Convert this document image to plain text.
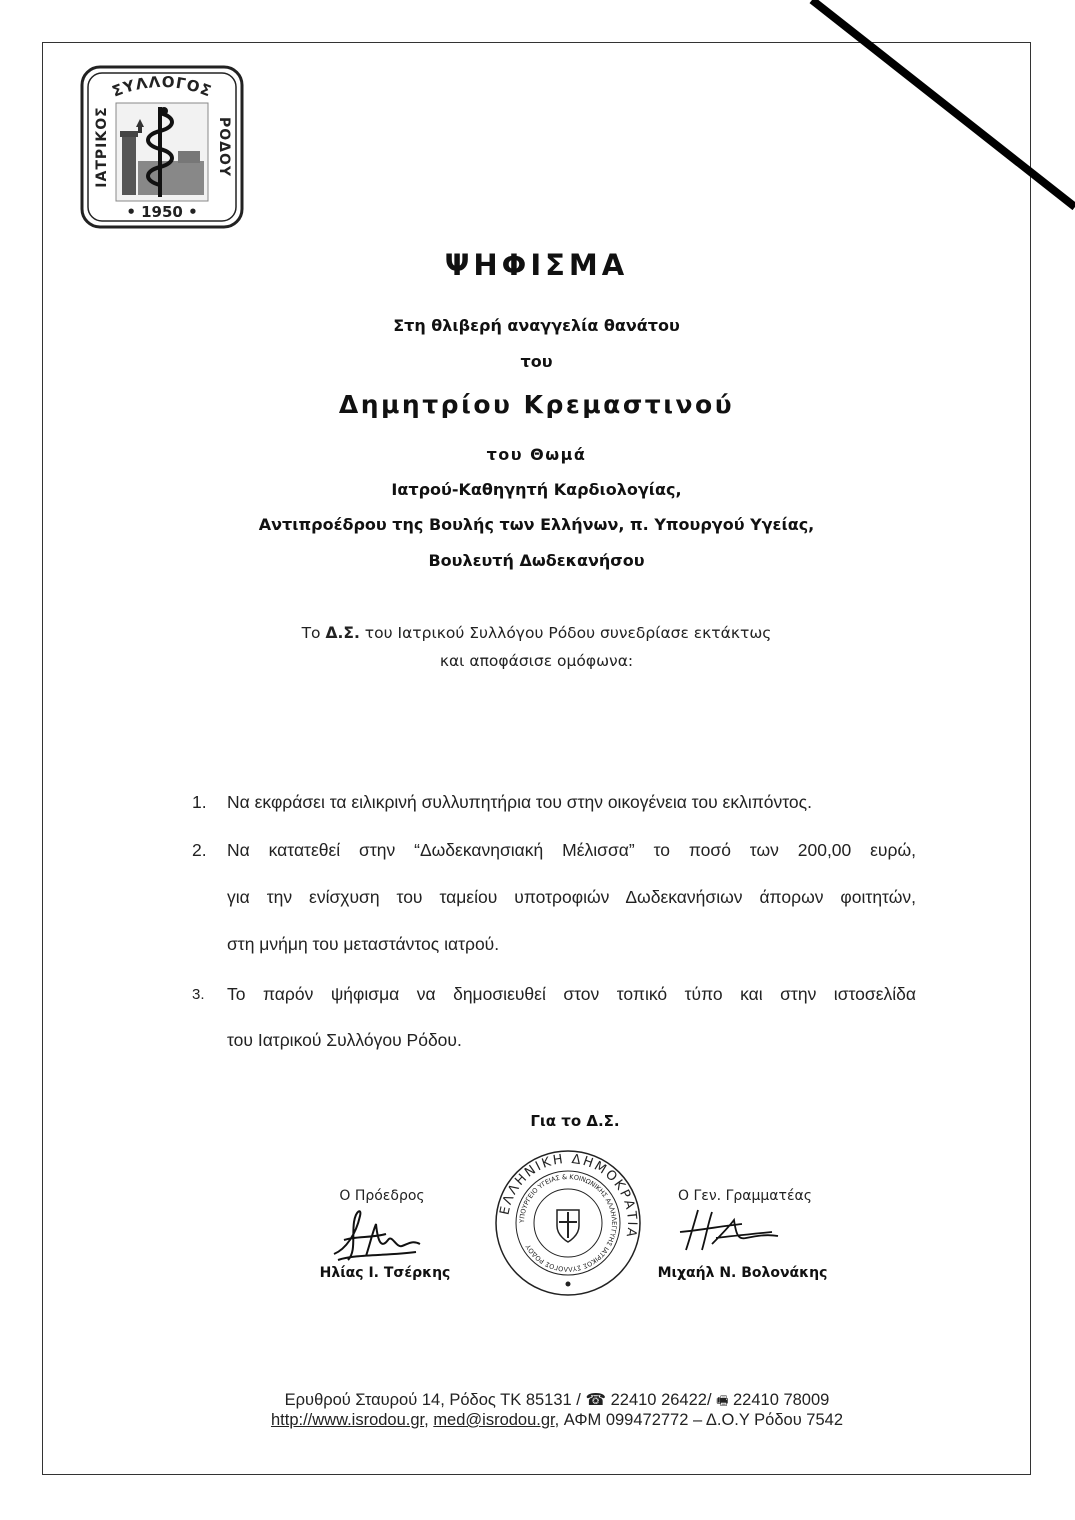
ΣΥΛΛΟΓΟΣ
ΙΑΤΡΙΚΟΣ	ΡΟΔΟΥ
• 1950 •
ΨΗΦΙΣΜΑ
Στη θλιβερή αναγγελία θανάτου
του
Δημητρίου Κρεμαστινού
του Θωμά
Ιατρού-Καθηγητή Καρδιολογίας,
Αντιπροέδρου της Βουλής των Ελλήνων, π. Υπουργού Υγείας,
Βουλευτή Δωδεκανήσου
Το Δ.Σ. του Ιατρικού Συλλόγου Ρόδου συνεδρίασε εκτάκτως
και αποφάσισε ομόφωνα:
1.	Να εκφράσει τα ειλικρινή συλλυπητήρια του στην οικογένεια του εκλιπόντος.
2.	Να κατατεθεί στην “Δωδεκανησιακή Μέλισσα” το ποσό των 200,00 ευρώ,
για την ενίσχυση του ταμείου υποτροφιών Δωδεκανήσιων άπορων φοιτητών,
στη μνήμη του μεταστάντος ιατρού.
3.	Το παρόν ψήφισμα να δημοσιευθεί στον τοπικό τύπο και στην ιστοσελίδα
του Ιατρικού Συλλόγου Ρόδου.
Για το Δ.Σ.
Ο Πρόεδρος	Ο Γεν. Γραμματέας
ΕΛΛΗΝΙΚΗ ΔΗΜΟΚΡΑΤΙΑ
ΥΠΟΥΡΓΕΙΟ ΥΓΕΙΑΣ & ΚΟΙΝΩΝΙΚΗΣ ΑΛΛΗΛΕΓΓΥΗΣ ΙΑΤΡΙΚΟΣ ΣΥΛΛΟΓΟΣ ΡΟΔΟΥ
Ηλίας Ι. Τσέρκης	Μιχαήλ Ν. Βολονάκης
Ερυθρού Σταυρού 14, Ρόδος ΤΚ 85131 / ☎ 22410 26422/ 🖷 22410 78009
http://www.isrodou.gr, med@isrodou.gr, ΑΦΜ 099472772 – Δ.Ο.Υ Ρόδου 7542
